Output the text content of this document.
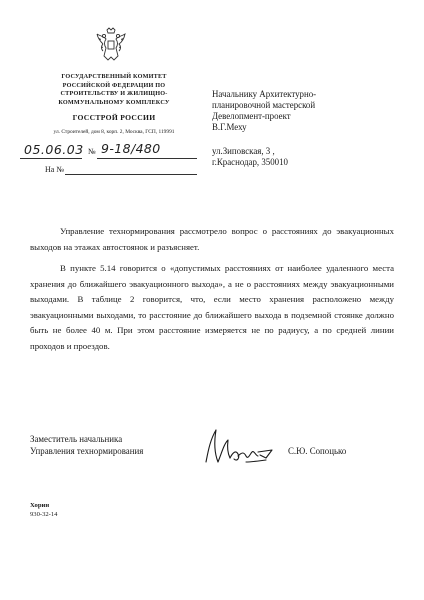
ГОСУДАРСТВЕННЫЙ КОМИТЕТ
РОССИЙСКОЙ ФЕДЕРАЦИИ ПО
СТРОИТЕЛЬСТВУ И ЖИЛИЩНО-
КОММУНАЛЬНОМУ КОМПЛЕКСУ
ГОССТРОЙ РОССИИ
ул. Строителей, дом 8, корп. 2, Москва, ГСП, 119991
05.06.03 № 9-18/480
На №
Начальнику Архитектурно-
планировочной мастерской
Девелопмент-проект
В.Г.Меху
ул.Зиповская, 3 ,
г.Краснодар, 350010
Управление технормирования рассмотрело вопрос о расстояниях до эвакуационных выходов на этажах автостоянок и разъясняет.
В пункте 5.14 говорится о «допустимых расстояниях от наиболее удаленного места хранения до ближайшего эвакуационного выхода», а не о расстояниях между эвакуационными выходами. В таблице 2 говорится, что, если место хранения расположено между эвакуационными выходами, то расстояние до ближайшего выхода в подземной стоянке должно быть не более 40 м. При этом расстояние измеряется не по радиусу, а по средней линии проходов и проездов.
Заместитель начальника
Управления технормирования	С.Ю. Сопоцько
Хорин
930-32-14
